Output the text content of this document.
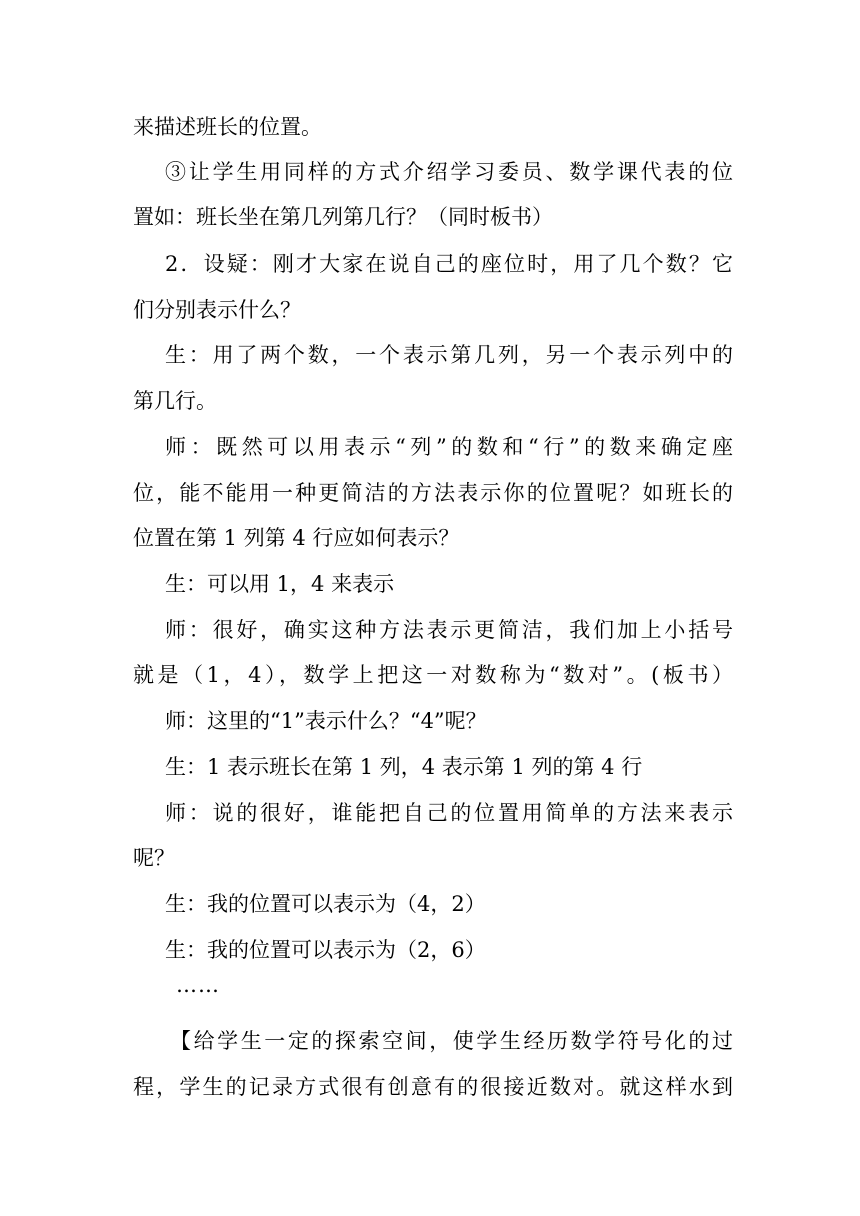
来描述班长的位置。
③让学生用同样的方式介绍学习委员、数学课代表的位
置如：班长坐在第几列第几行？（同时板书）
2．设疑：刚才大家在说自己的座位时，用了几个数？它
们分别表示什么？
生：用了两个数，一个表示第几列，另一个表示列中的
第几行。
师：既然可以用表示“列”的数和“行”的数来确定座
位，能不能用一种更简洁的方法表示你的位置呢？如班长的
位置在第 1 列第 4 行应如何表示？
生：可以用 1，4 来表示
师：很好，确实这种方法表示更简洁，我们加上小括号
就是（1，4），数学上把这一对数称为“数对”。(板书）
师：这里的“1”表示什么？“4”呢？
生：1 表示班长在第 1 列，4 表示第 1 列的第 4 行
师：说的很好，谁能把自己的位置用简单的方法来表示
呢？
生：我的位置可以表示为（4，2）
生：我的位置可以表示为（2，6）
……
【给学生一定的探索空间，使学生经历数学符号化的过
程，学生的记录方式很有创意有的很接近数对。就这样水到
